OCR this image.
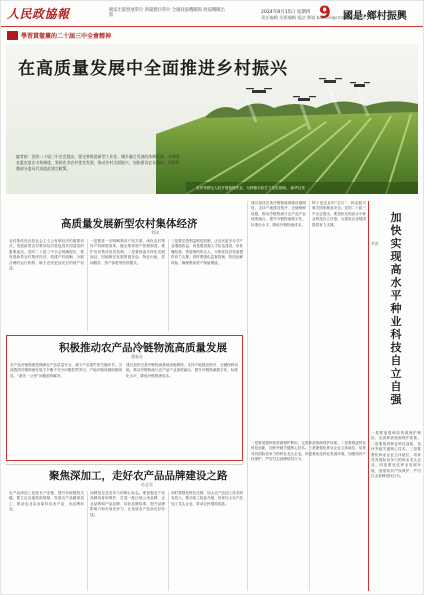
人民政協報	國家出版發展單位 新聞標兵單位 全國政協機關報 政協機關出版
2024年8月15日 星期四
責任編輯 美術編輯 電話 郵箱 baoshe@rmzxb.com.cn
9 國是·鄉村振興
學習貫徹黨的二十屆三中全會精神
在高质量发展中全面推进乡村振兴
编者按：党的二十届三中全会提出，要完善推进新型工业化、城乡融合发展的体制机制，完善强农惠农富农支持制度，坚持农业农村优先发展，推动乡村全面振兴，加快建设农业强国。本版特邀部分委员代表就此建言献策。
农民驾驶无人机开展植保作业，为秋粮丰收打下坚实基础。 新华社发
高质量发展新型农村集体经济
刘冰
农村集体经济是社会主义公有制经济的重要形式，发展新型农村集体经济是促进共同富裕的重要途径。党的二十届三中全会明确提出，要发展新型农村集体经济，构建产权明晰、分配合理的运行机制，赋予农民更加充分的财产权益。
一是要进一步明晰集体产权关系，深化农村集体产权制度改革，健全集体资产管理制度，维护农民集体成员权利。二是要探索多样化发展途径，因地制宜发展资源发包、物业出租、居间服务、资产参股等经营模式。
三是要完善利益联结机制，让农民更多分享产业增值收益。四是要加强人才队伍建设，培育懂经营、善管理的带头人，为集体经济发展提供有力支撑。同时要强化监督管理，防范化解风险，确保集体资产保值增值。
建议加快完善冷链物流基础设施网络，支持产地建设预冷、仓储保鲜设施，推动冷链物流与农产品产业深度融合，提升冷链物流数字化、标准化水平，降低冷链物流成本。
种子是农业的“芯片”，种业振兴事关国家粮食安全。党的二十届三中全会提出，要加快实现高水平种业科技自立自强，为建设农业强国提供有力支撑。
积极推动农产品冷链物流高质量发展
潘新东
农产品冷链物流是保障农产品质量安全、减少产后损失的关键环节。当前我国冷链物流发展不平衡不充分问题依然突出，产地冷链设施短板明显，“最先一公里”问题亟待解决。
建议加快完善冷链物流基础设施网络，支持产地建设预冷、仓储保鲜设施，推动冷链物流与农产品产业深度融合，提升冷链物流数字化、标准化水平，降低冷链物流成本。
聚焦深加工，走好农产品品牌建设之路
孙志军
农产品深加工是延长产业链、提升价值链的关键。要立足各地资源禀赋，发展农产品精深加工，推动农业由卖原料向卖产品、卖品牌转变。
品牌是农业竞争力的核心标志。要加强农产品品牌培育和保护，打造一批区域公用品牌、企业品牌和产品品牌，讲好品牌故事，提升品牌影响力和市场竞争力，让优质农产品卖出好价钱。
同时要强化科技支撑，加大农产品加工技术研发投入，推动加工装备升级，培育壮大农产品加工龙头企业，带动农民增收致富。
一是要加强种质资源保护利用，完善种质资源保护体系。二是要推进种业科技创新，加快突破关键核心技术。三是要强化种业企业主体地位，培育具有国际竞争力的种业龙头企业。四是要优化种业发展环境，加强知识产权保护，严厉打击套牌侵权行为。
加快实现高水平种业科技自立自强
李成
一是要加强种质资源保护利用，完善种质资源保护体系。二是要推进种业科技创新，加快突破关键核心技术。三是要强化种业企业主体地位，培育具有国际竞争力的种业龙头企业。四是要优化种业发展环境，加强知识产权保护，严厉打击套牌侵权行为。
